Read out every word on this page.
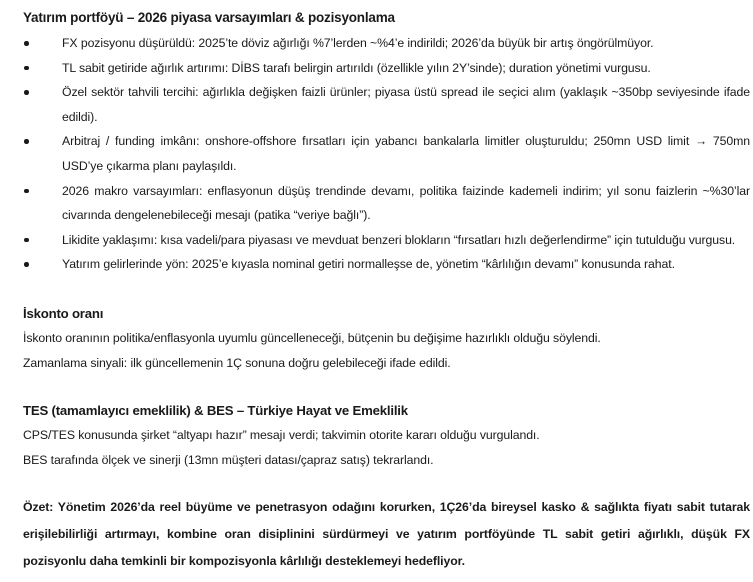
Yatırım portföyü – 2026 piyasa varsayımları & pozisyonlama
FX pozisyonu düşürüldü: 2025’te döviz ağırlığı %7’lerden ~%4’e indirildi; 2026’da büyük bir artış öngörülmüyor.
TL sabit getiride ağırlık artırımı: DİBS tarafı belirgin artırıldı (özellikle yılın 2Y’sinde); duration yönetimi vurgusu.
Özel sektör tahvili tercihi: ağırlıkla değişken faizli ürünler; piyasa üstü spread ile seçici alım (yaklaşık ~350bp seviyesinde ifade edildi).
Arbitraj / funding imkânı: onshore-offshore fırsatları için yabancı bankalarla limitler oluşturuldu; 250mn USD limit → 750mn USD’ye çıkarma planı paylaşıldı.
2026 makro varsayımları: enflasyonun düşüş trendinde devamı, politika faizinde kademeli indirim; yıl sonu faizlerin ~%30’lar civarında dengelenebileceği mesajı (patika “veriye bağlı”).
Likidite yaklaşımı: kısa vadeli/para piyasası ve mevduat benzeri blokların “fırsatları hızlı değerlendirme” için tutulduğu vurgusu.
Yatırım gelirlerinde yön: 2025’e kıyasla nominal getiri normalleşse de, yönetim “kârlılığın devamı” konusunda rahat.
İskonto oranı

İskonto oranının politika/enflasyonla uyumlu güncelleneceği, bütçenin bu değişime hazırlıklı olduğu söylendi.

Zamanlama sinyali: ilk güncellemenin 1Ç sonuna doğru gelebileceği ifade edildi.

TES (tamamlayıcı emeklilik) & BES – Türkiye Hayat ve Emeklilik

CPS/TES konusunda şirket “altyapı hazır” mesajı verdi; takvimin otorite kararı olduğu vurgulandı.

BES tarafında ölçek ve sinerji (13mn müşteri datası/çapraz satış) tekrarlandı.

Özet: Yönetim 2026’da reel büyüme ve penetrasyon odağını korurken, 1Ç26’da bireysel kasko & sağlıkta fiyatı sabit tutarak erişilebilirliği artırmayı, kombine oran disiplinini sürdürmeyi ve yatırım portföyünde TL sabit getiri ağırlıklı, düşük FX pozisyonlu daha temkinli bir kompozisyonla kârlılığı desteklemeyi hedefliyor.
